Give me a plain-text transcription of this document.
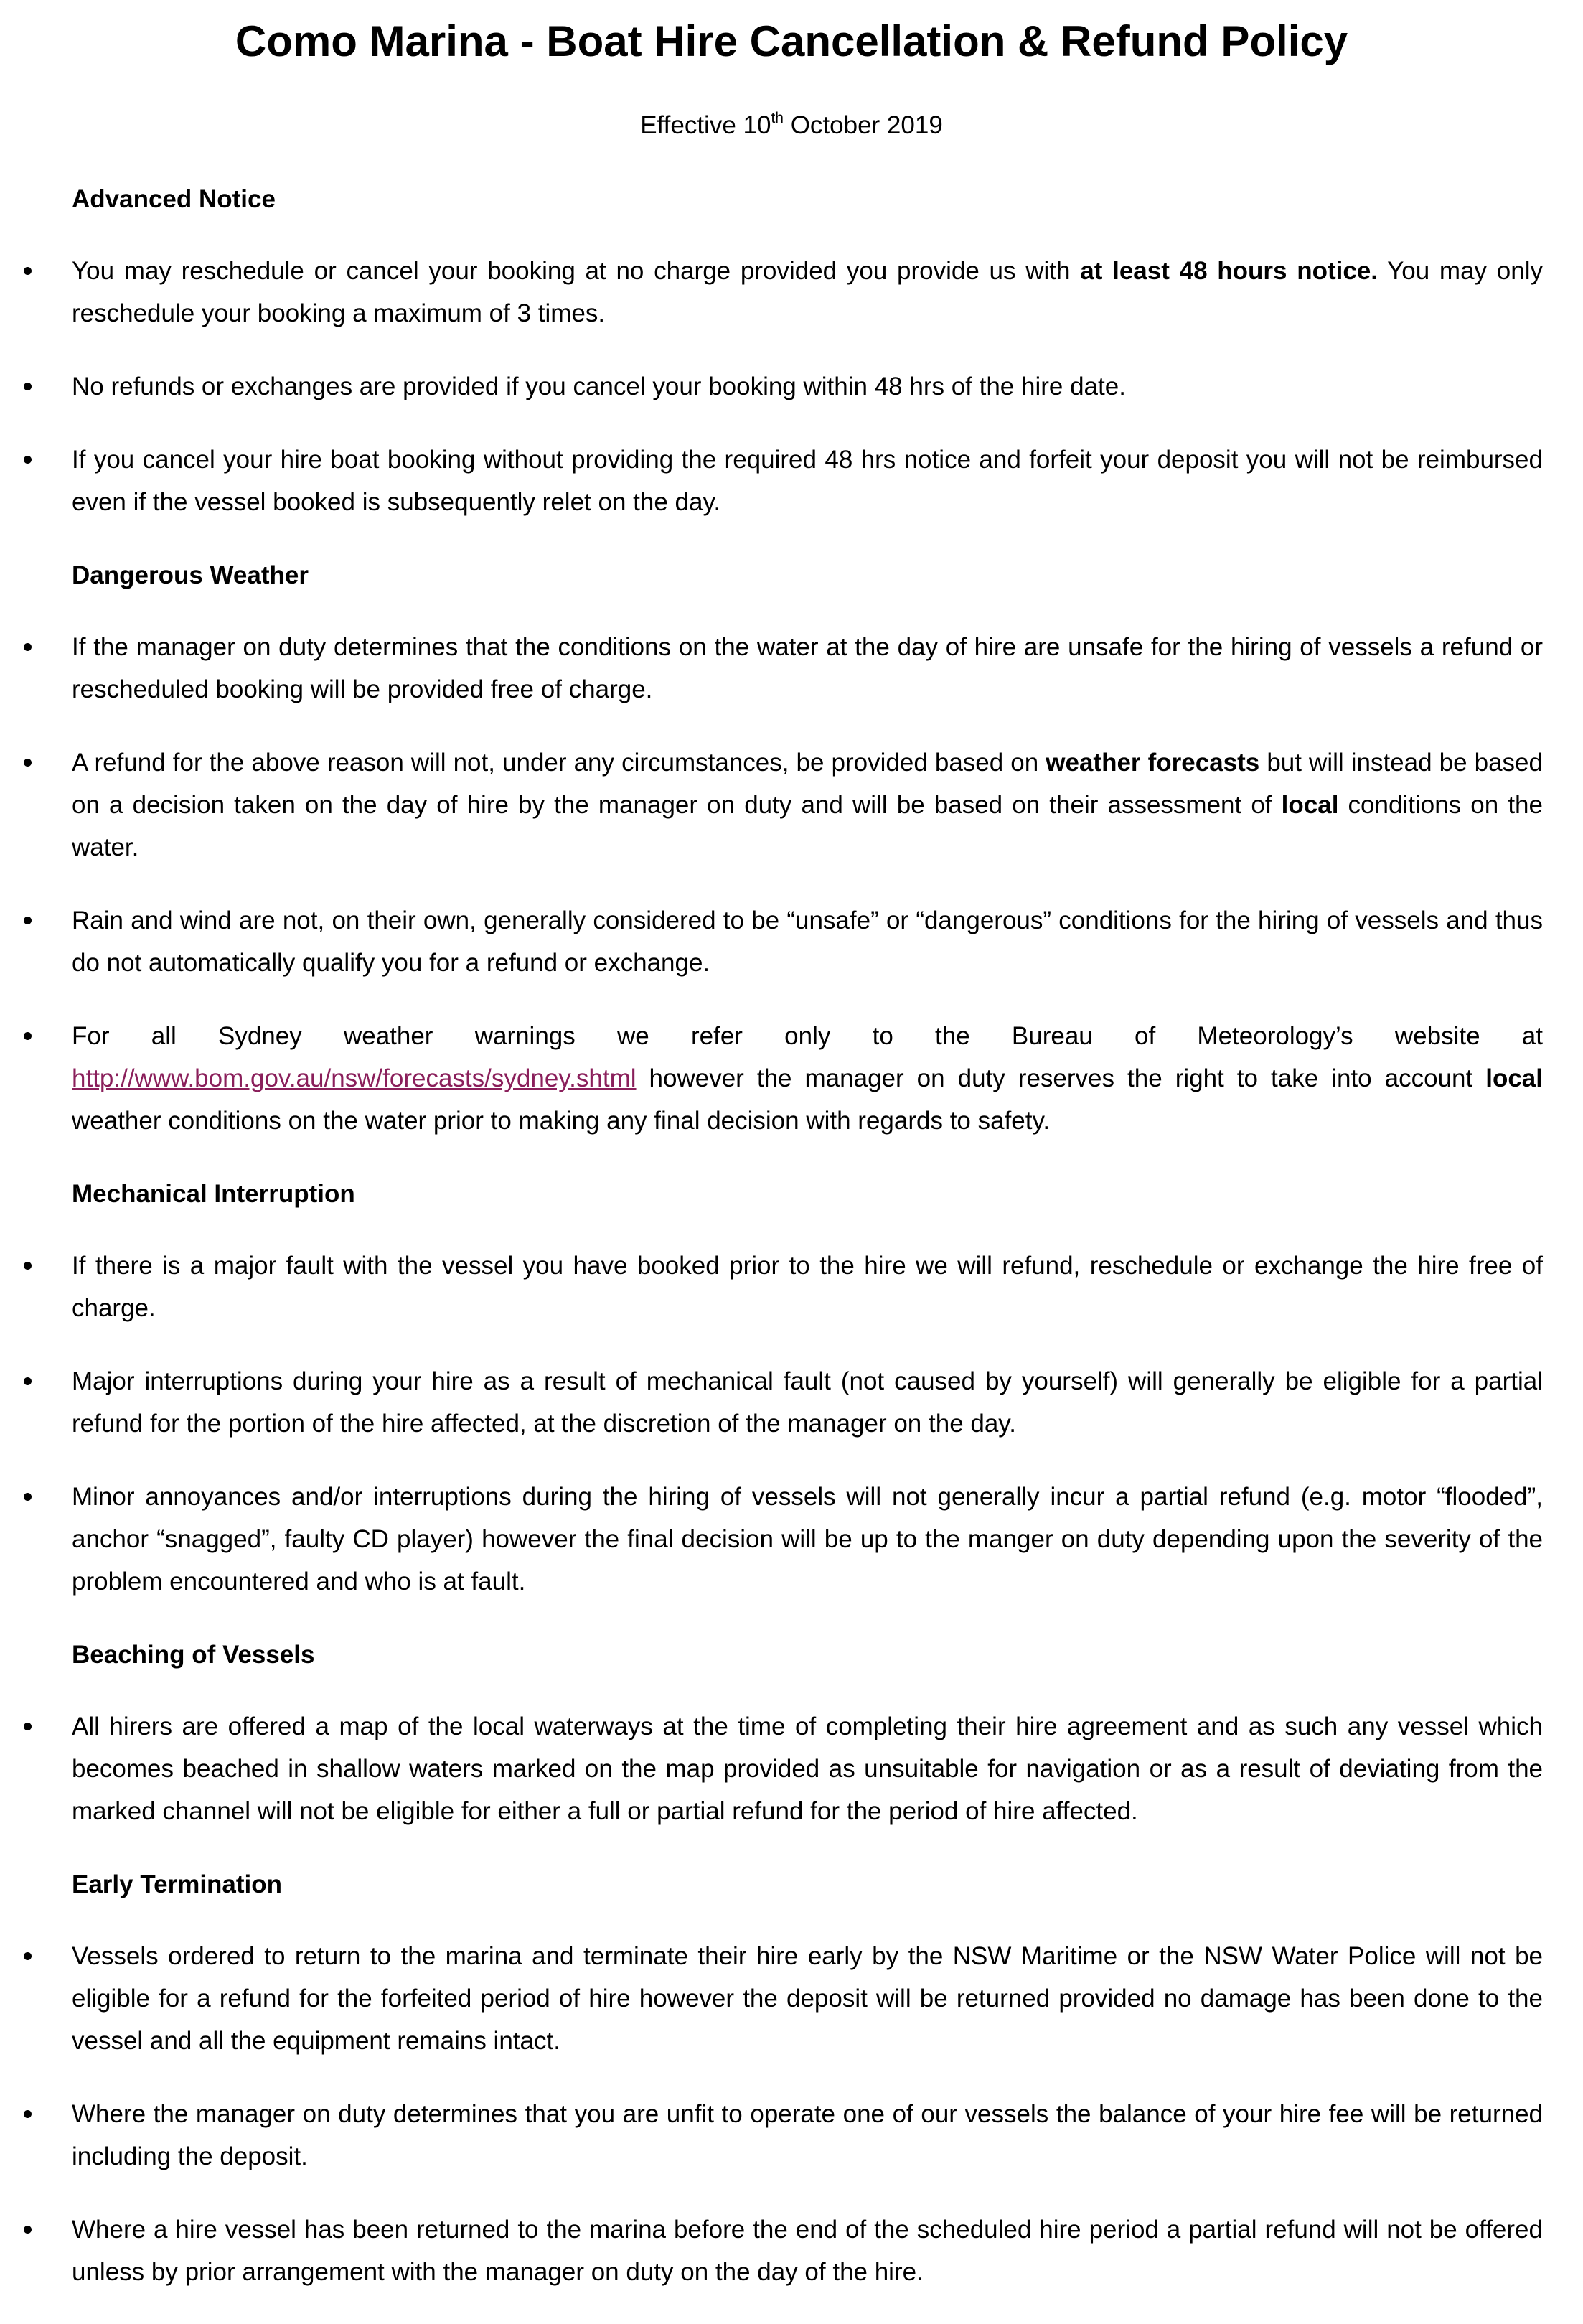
Como Marina - Boat Hire Cancellation & Refund Policy
Effective 10th October 2019
Advanced Notice
You may reschedule or cancel your booking at no charge provided you provide us with at least 48 hours notice. You may only reschedule your booking a maximum of 3 times.
No refunds or exchanges are provided if you cancel your booking within 48 hrs of the hire date.
If you cancel your hire boat booking without providing the required 48 hrs notice and forfeit your deposit you will not be reimbursed even if the vessel booked is subsequently relet on the day.
Dangerous Weather
If the manager on duty determines that the conditions on the water at the day of hire are unsafe for the hiring of vessels a refund or rescheduled booking will be provided free of charge.
A refund for the above reason will not, under any circumstances, be provided based on weather forecasts but will instead be based on a decision taken on the day of hire by the manager on duty and will be based on their assessment of local conditions on the water.
Rain and wind are not, on their own, generally considered to be “unsafe” or “dangerous” conditions for the hiring of vessels and thus do not automatically qualify you for a refund or exchange.
For all Sydney weather warnings we refer only to the Bureau of Meteorology’s website at http://www.bom.gov.au/nsw/forecasts/sydney.shtml however the manager on duty reserves the right to take into account local weather conditions on the water prior to making any final decision with regards to safety.
Mechanical Interruption
If there is a major fault with the vessel you have booked prior to the hire we will refund, reschedule or exchange the hire free of charge.
Major interruptions during your hire as a result of mechanical fault (not caused by yourself) will generally be eligible for a partial refund for the portion of the hire affected, at the discretion of the manager on the day.
Minor annoyances and/or interruptions during the hiring of vessels will not generally incur a partial refund (e.g. motor “flooded”, anchor “snagged”, faulty CD player) however the final decision will be up to the manger on duty depending upon the severity of the problem encountered and who is at fault.
Beaching of Vessels
All hirers are offered a map of the local waterways at the time of completing their hire agreement and as such any vessel which becomes beached in shallow waters marked on the map provided as unsuitable for navigation or as a result of deviating from the marked channel will not be eligible for either a full or partial refund for the period of hire affected.
Early Termination
Vessels ordered to return to the marina and terminate their hire early by the NSW Maritime or the NSW Water Police will not be eligible for a refund for the forfeited period of hire however the deposit will be returned provided no damage has been done to the vessel and all the equipment remains intact.
Where the manager on duty determines that you are unfit to operate one of our vessels the balance of your hire fee will be returned including the deposit.
Where a hire vessel has been returned to the marina before the end of the scheduled hire period a partial refund will not be offered unless by prior arrangement with the manager on duty on the day of the hire.
